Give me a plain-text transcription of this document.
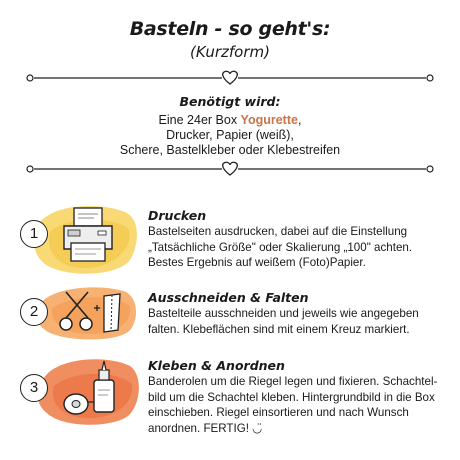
Basteln - so geht's:
(Kurzform)
Benötigt wird:
Eine 24er Box Yogurette,
Drucker, Papier (weiß),
Schere, Bastelkleber oder Klebestreifen
1
Drucken
Bastelseiten ausdrucken, dabei auf die Einstellung
„Tatsächliche Größe" oder Skalierung „100" achten.
Bestes Ergebnis auf weißem (Foto)Papier.
2
Ausschneiden & Falten
Bastelteile ausschneiden und jeweils wie angegeben
falten. Klebeflächen sind mit einem Kreuz markiert.
3
Kleben & Anordnen
Banderolen um die Riegel legen und fixieren. Schachtel-
bild um die Schachtel kleben. Hintergrundbild in die Box
einschieben. Riegel einsortieren und nach Wunsch
anordnen. FERTIG! ◡̈
